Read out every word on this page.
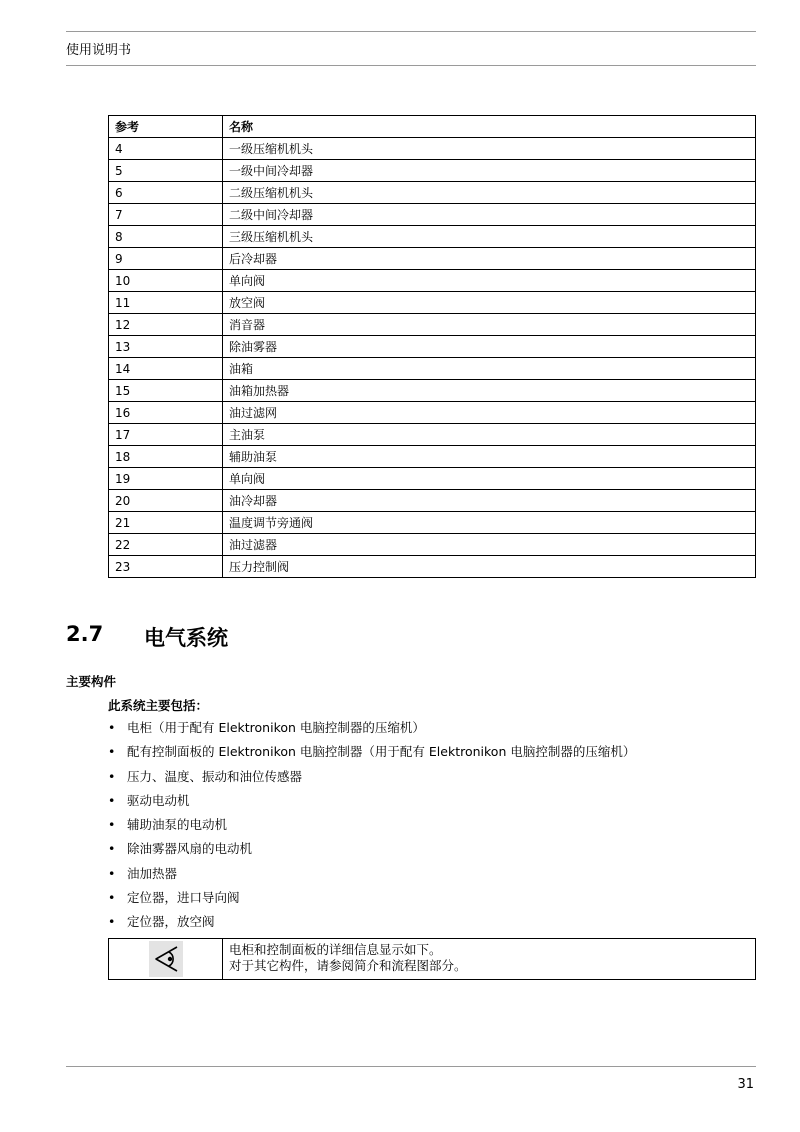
使用说明书
参考	名称
4	一级压缩机机头
5	一级中间冷却器
6	二级压缩机机头
7	二级中间冷却器
8	三级压缩机机头
9	后冷却器
10	单向阀
11	放空阀
12	消音器
13	除油雾器
14	油箱
15	油箱加热器
16	油过滤网
17	主油泵
18	辅助油泵
19	单向阀
20	油冷却器
21	温度调节旁通阀
22	油过滤器
23	压力控制阀
2.7 电气系统
主要构件
此系统主要包括：
• 电柜（用于配有 Elektronikon 电脑控制器的压缩机）
• 配有控制面板的 Elektronikon 电脑控制器（用于配有 Elektronikon 电脑控制器的压缩机）
• 压力、温度、振动和油位传感器
• 驱动电动机
• 辅助油泵的电动机
• 除油雾器风扇的电动机
• 油加热器
• 定位器，进口导向阀
• 定位器，放空阀
电柜和控制面板的详细信息显示如下。
对于其它构件，请参阅简介和流程图部分。
31
